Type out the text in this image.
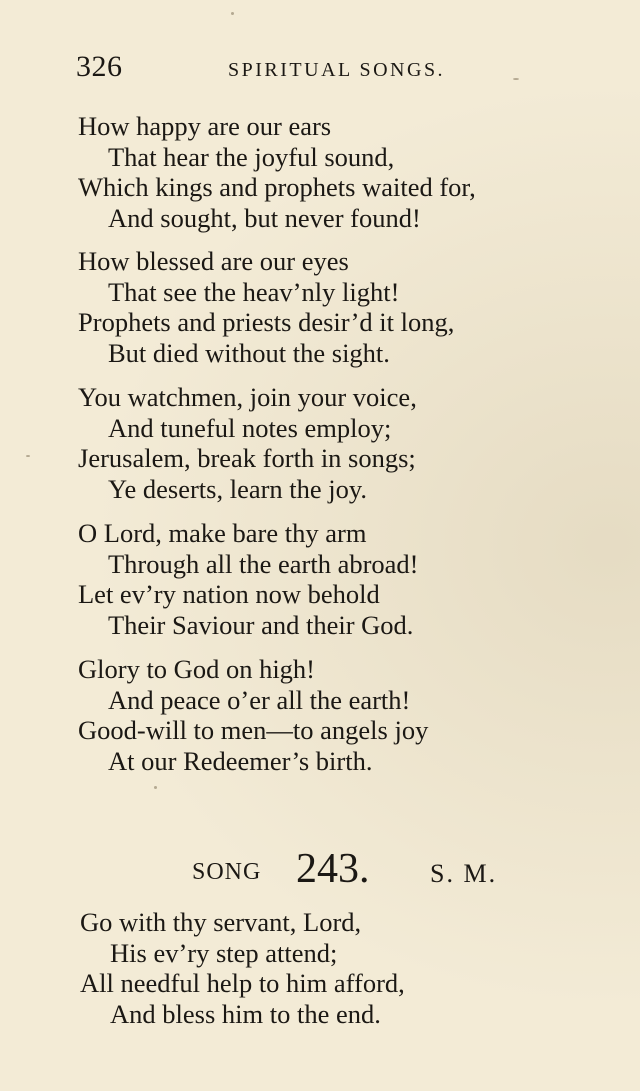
326	SPIRITUAL SONGS.
How happy are our ears
That hear the joyful sound,
Which kings and prophets waited for,
And sought, but never found!
How blessed are our eyes
That see the heav’nly light!
Prophets and priests desir’d it long,
But died without the sight.
You watchmen, join your voice,
And tuneful notes employ;
Jerusalem, break forth in songs;
Ye deserts, learn the joy.
O Lord, make bare thy arm
Through all the earth abroad!
Let ev’ry nation now behold
Their Saviour and their God.
Glory to God on high!
And peace o’er all the earth!
Good-will to men—to angels joy
At our Redeemer’s birth.
SONG 243. S. M.
Go with thy servant, Lord,
His ev’ry step attend;
All needful help to him afford,
And bless him to the end.
